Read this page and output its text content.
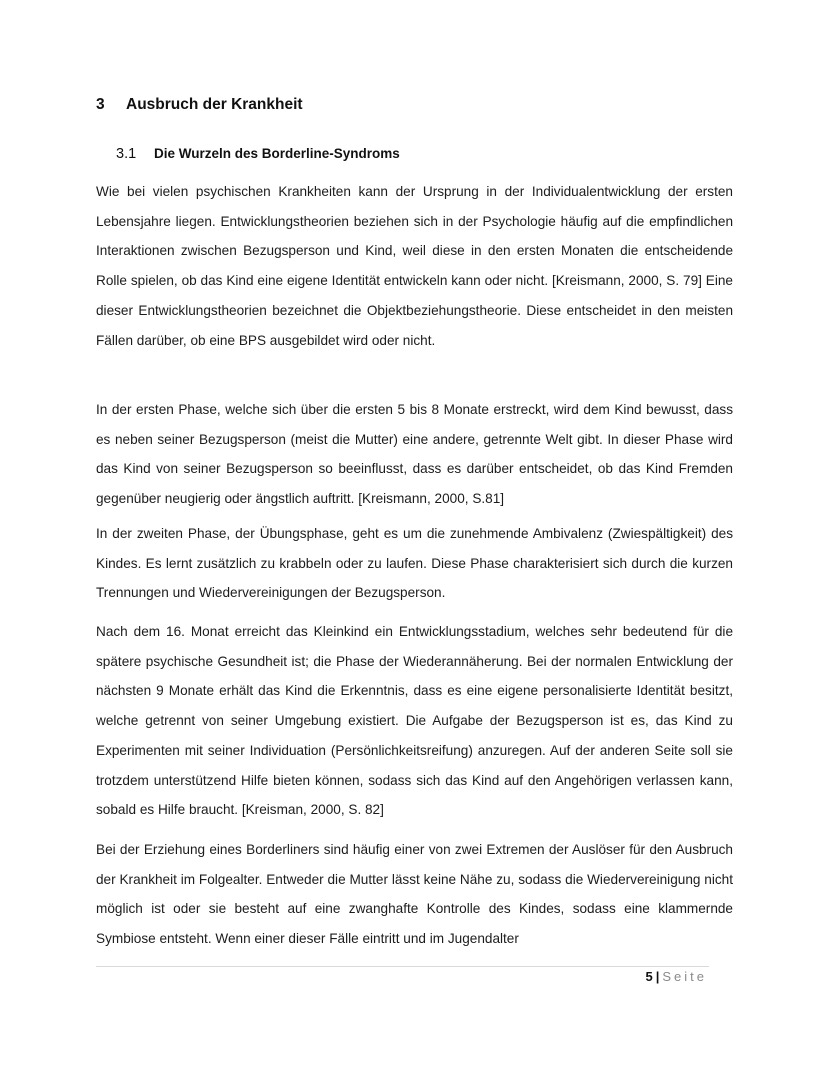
3 Ausbruch der Krankheit
3.1 Die Wurzeln des Borderline-Syndroms

Wie bei vielen psychischen Krankheiten kann der Ursprung in der Individualentwicklung der ersten Lebensjahre liegen. Entwicklungstheorien beziehen sich in der Psychologie häufig auf die empfindlichen Interaktionen zwischen Bezugsperson und Kind, weil diese in den ersten Monaten die entscheidende Rolle spielen, ob das Kind eine eigene Identität entwickeln kann oder nicht. [Kreismann, 2000, S. 79] Eine dieser Entwicklungstheorien bezeichnet die Objektbeziehungstheorie. Diese entscheidet in den meisten Fällen darüber, ob eine BPS ausgebildet wird oder nicht.

In der ersten Phase, welche sich über die ersten 5 bis 8 Monate erstreckt, wird dem Kind bewusst, dass es neben seiner Bezugsperson (meist die Mutter) eine andere, getrennte Welt gibt. In dieser Phase wird das Kind von seiner Bezugsperson so beeinflusst, dass es darüber entscheidet, ob das Kind Fremden gegenüber neugierig oder ängstlich auftritt. [Kreismann, 2000, S.81]

In der zweiten Phase, der Übungsphase, geht es um die zunehmende Ambivalenz (Zwiespältigkeit) des Kindes. Es lernt zusätzlich zu krabbeln oder zu laufen. Diese Phase charakterisiert sich durch die kurzen Trennungen und Wiedervereinigungen der Bezugsperson.

Nach dem 16. Monat erreicht das Kleinkind ein Entwicklungsstadium, welches sehr bedeutend für die spätere psychische Gesundheit ist; die Phase der Wiederannäherung. Bei der normalen Entwicklung der nächsten 9 Monate erhält das Kind die Erkenntnis, dass es eine eigene personalisierte Identität besitzt, welche getrennt von seiner Umgebung existiert. Die Aufgabe der Bezugsperson ist es, das Kind zu Experimenten mit seiner Individuation (Persönlichkeitsreifung) anzuregen. Auf der anderen Seite soll sie trotzdem unterstützend Hilfe bieten können, sodass sich das Kind auf den Angehörigen verlassen kann, sobald es Hilfe braucht. [Kreisman, 2000, S. 82]

Bei der Erziehung eines Borderliners sind häufig einer von zwei Extremen der Auslöser für den Ausbruch der Krankheit im Folgealter. Entweder die Mutter lässt keine Nähe zu, sodass die Wiedervereinigung nicht möglich ist oder sie besteht auf eine zwanghafte Kontrolle des Kindes, sodass eine klammernde Symbiose entsteht. Wenn einer dieser Fälle eintritt und im Jugendalter

5 | Seite
